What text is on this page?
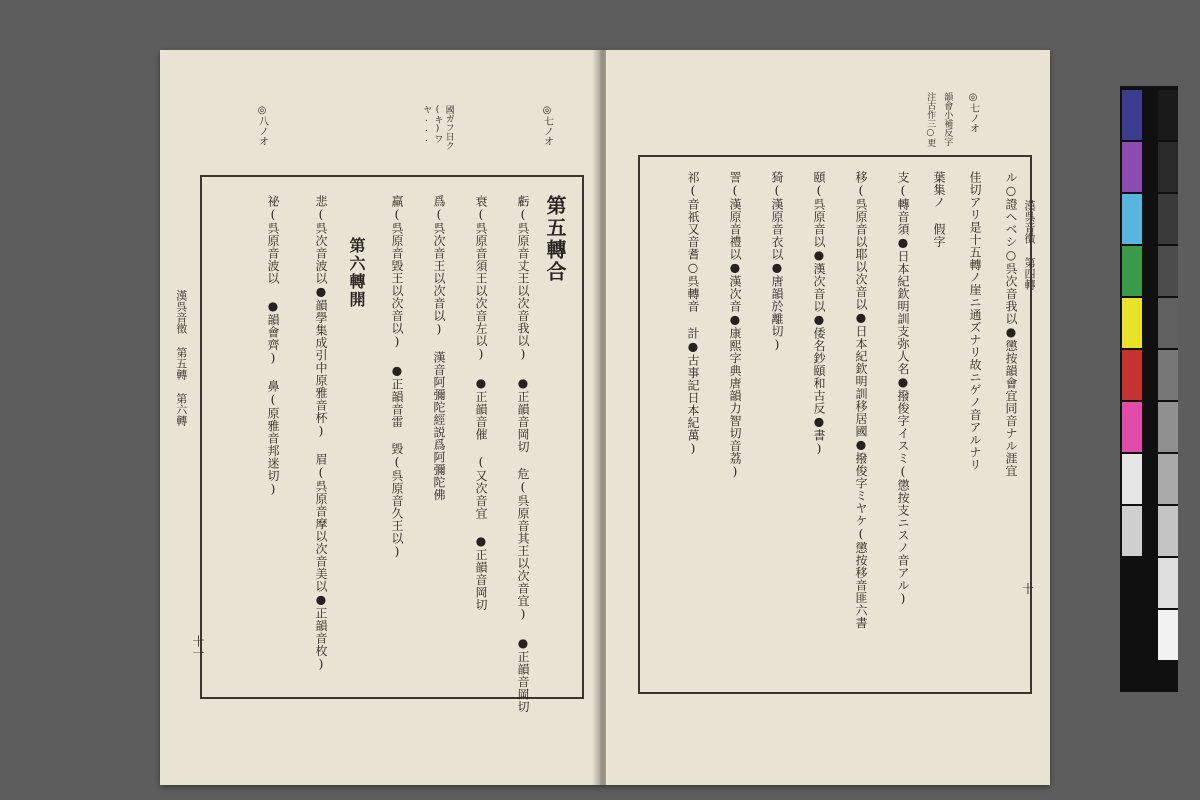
漢呉音徵 第五轉 第六轉
十一
國ガフ日ク(キ)ワヤ...	◎七ノオ
◎八ノオ
第五轉合
虧(呉原音丈王以次音我以) ●正韻音岡切 危(呉原音其王以次音宜) ●正韻音岡切
衰(呉原音須王以次音左以) ●正韻音催 (又次音宜 ●正韻音岡切
爲(呉次音王以次音以) 漢音阿彌陀經説爲阿彌陀佛
羸(呉原音毀王以次音以) ●正韻音雷 毀(呉原音久王以)
第六轉開
悲(呉次音波以●韻學集成引中原雅音杯) 眉(呉原音摩以次音美以●正韻音枚)
祕(呉原音波以 ●韻會齊) 鼻(原雅音邦迷切)	漢呉音徵 第四轉
十
韻會小補反字
注古作三○更	◎七ノオ
ル○證ヘベシ○呉次音我以●懲按韻會宜同音ナル涯宜
佳切アリ是十五轉ノ崖ニ通ズナリ故ニゲノ音アルナリ
葉集ノ 假字
支(轉音須●日本紀欽明訓支弥人名●撥俊字イスミ(懲按支ニスノ音アル)
移(呉原音以耶以次音以●日本紀欽明訓移居國●撥俊字ミヤケ(懲按移音匪六書
頤(呉原音以●漢次音以●倭名鈔頤和古反●書)
猗(漢原音衣以●唐韻於離切)
詈(漢原音禮以●漢次音●康熙字典唐韻力智切音荔)
祁(音祇又音耆○呉轉音 計●古事記日本紀萬)
